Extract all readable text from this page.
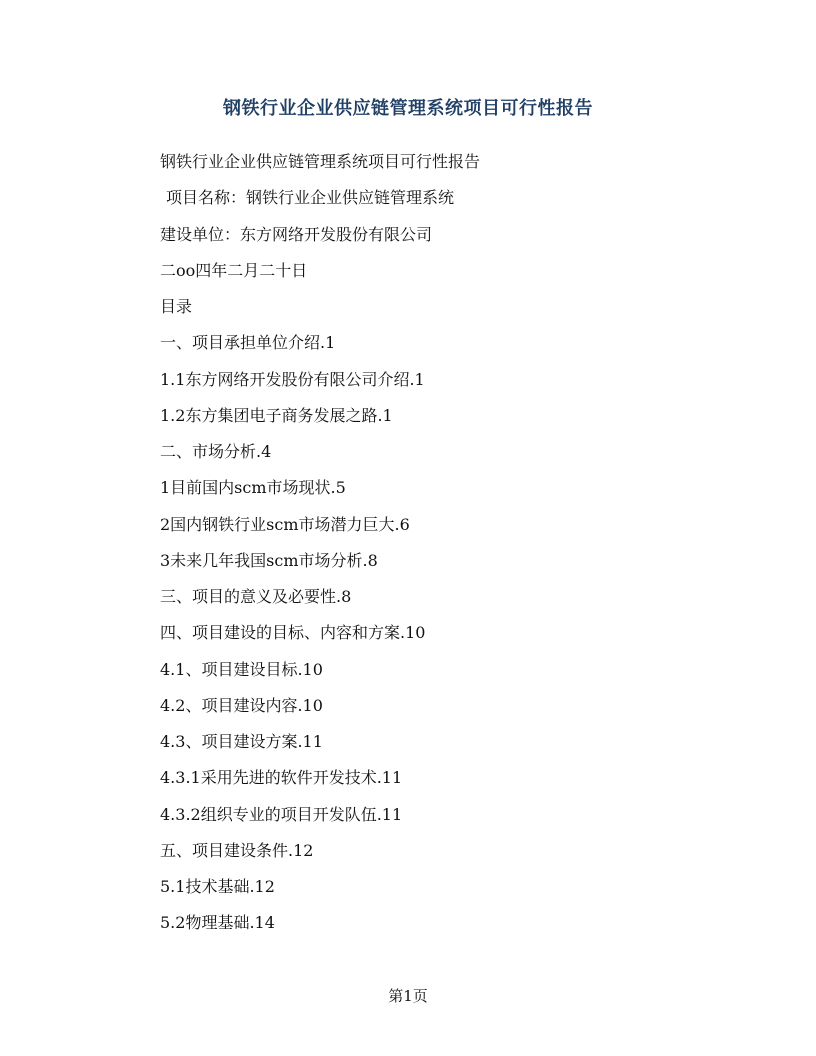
钢铁行业企业供应链管理系统项目可行性报告
钢铁行业企业供应链管理系统项目可行性报告
项目名称：钢铁行业企业供应链管理系统
建设单位：东方网络开发股份有限公司
二oo四年二月二十日
目录
一、项目承担单位介绍.1
1.1东方网络开发股份有限公司介绍.1
1.2东方集团电子商务发展之路.1
二、市场分析.4
1目前国内scm市场现状.5
2国内钢铁行业scm市场潜力巨大.6
3未来几年我国scm市场分析.8
三、项目的意义及必要性.8
四、项目建设的目标、内容和方案.10
4.1、项目建设目标.10
4.2、项目建设内容.10
4.3、项目建设方案.11
4.3.1采用先进的软件开发技术.11
4.3.2组织专业的项目开发队伍.11
五、项目建设条件.12
5.1技术基础.12
5.2物理基础.14
第1页
